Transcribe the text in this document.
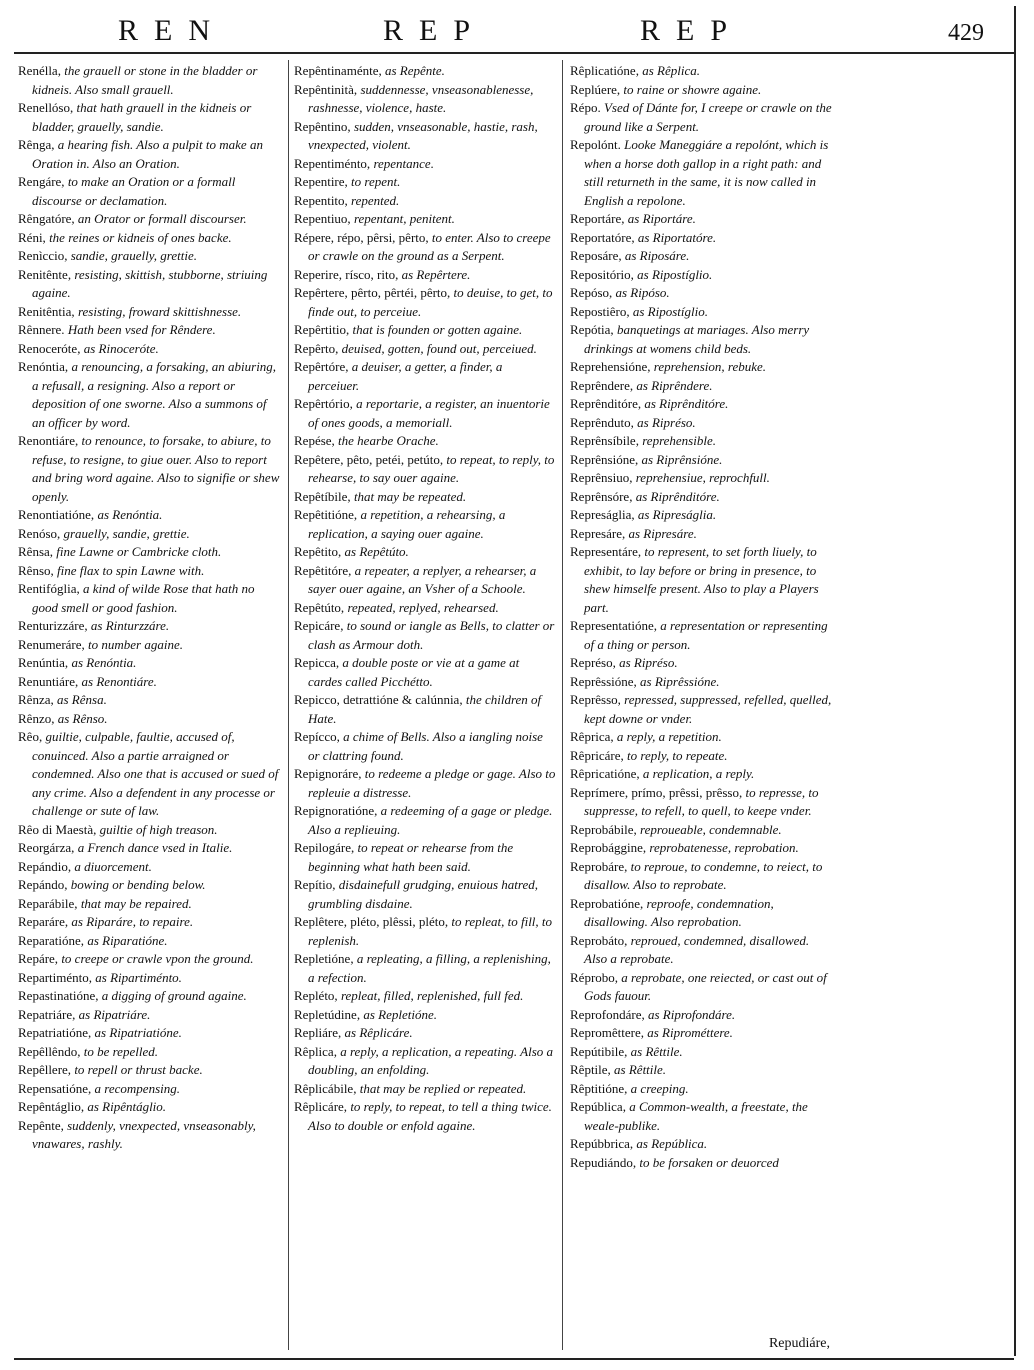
REN	REP	REP	429

Renélla, the grauell or stone in the bladder or kidneis. Also small grauell.

Renellóso, that hath grauell in the kidneis or bladder, grauelly, sandie.

Rênga, a hearing fish. Also a pulpit to make an Oration in. Also an Oration.

Rengáre, to make an Oration or a formall discourse or declamation.

Rêngatóre, an Orator or formall discourser.

Réni, the reines or kidneis of ones backe.

Renìccio, sandie, grauelly, grettie.

Renitênte, resisting, skittish, stubborne, striuing againe.

Renitêntia, resisting, froward skittishnesse.

Rênnere. Hath been vsed for Rêndere.

Renoceróte, as Rinoceróte.

Renóntia, a renouncing, a forsaking, an abiuring, a refusall, a resigning. Also a report or deposition of one sworne. Also a summons of an officer by word.

Renontiáre, to renounce, to forsake, to abiure, to refuse, to resigne, to giue ouer. Also to report and bring word againe. Also to signifie or shew openly.

Renontiatióne, as Renóntia.

Renóso, grauelly, sandie, grettie.

Rênsa, fine Lawne or Cambricke cloth.

Rênso, fine flax to spin Lawne with.

Rentifóglia, a kind of wilde Rose that hath no good smell or good fashion.

Renturizzáre, as Rinturzzáre.

Renumeráre, to number againe.

Renúntia, as Renóntia.

Renuntiáre, as Renontiáre.

Rênza, as Rênsa.

Rênzo, as Rênso.

Rêo, guiltie, culpable, faultie, accused of, conuinced. Also a partie arraigned or condemned. Also one that is accused or sued of any crime. Also a defendent in any processe or challenge or sute of law.

Rêo di Maestà, guiltie of high treason.

Reorgárza, a French dance vsed in Italie.

Repándio, a diuorcement.

Repándo, bowing or bending below.

Reparábile, that may be repaired.

Reparáre, as Riparáre, to repaire.

Reparatióne, as Riparatióne.

Repáre, to creepe or crawle vpon the ground.

Repartiménto, as Ripartiménto.

Repastinatióne, a digging of ground againe.

Repatriáre, as Ripatriáre.

Repatriatióne, as Ripatriatióne.

Repêllêndo, to be repelled.

Repêllere, to repell or thrust backe.

Repensatióne, a recompensing.

Repêntáglio, as Ripêntáglio.

Repênte, suddenly, vnexpected, vnseasonably, vnawares, rashly.

Repêntinaménte, as Repênte.

Repêntinità, suddennesse, vnseasonablenesse, rashnesse, violence, haste.

Repêntino, sudden, vnseasonable, hastie, rash, vnexpected, violent.

Repentiménto, repentance.

Repentire, to repent.

Repentito, repented.

Repentiuo, repentant, penitent.

Répere, répo, pêrsi, pêrto, to enter. Also to creepe or crawle on the ground as a Serpent.

Reperire, rísco, rito, as Repêrtere.

Repêrtere, pêrto, pêrtéi, pêrto, to deuise, to get, to finde out, to perceiue.

Repêrtitio, that is founden or gotten againe.

Repêrto, deuised, gotten, found out, perceiued.

Repêrtóre, a deuiser, a getter, a finder, a perceiuer.

Repêrtório, a reportarie, a register, an inuentorie of ones goods, a memoriall.

Repése, the hearbe Orache.

Repêtere, pêto, petéi, petúto, to repeat, to reply, to rehearse, to say ouer againe.

Repêtíbile, that may be repeated.

Repêtitióne, a repetition, a rehearsing, a replication, a saying ouer againe.

Repêtito, as Repêtúto.

Repêtitóre, a repeater, a replyer, a rehearser, a sayer ouer againe, an Vsher of a Schoole.

Repêtúto, repeated, replyed, rehearsed.

Repicáre, to sound or iangle as Bells, to clatter or clash as Armour doth.

Repicca, a double poste or vie at a game at cardes called Picchétto.

Repicco, detrattióne & calúnnia, the children of Hate.

Repícco, a chime of Bells. Also a iangling noise or clattring found.

Repignoráre, to redeeme a pledge or gage. Also to repleuie a distresse.

Repignoratióne, a redeeming of a gage or pledge. Also a replieuing.

Repilogáre, to repeat or rehearse from the beginning what hath been said.

Repítio, disdainefull grudging, enuious hatred, grumbling disdaine.

Replêtere, pléto, plêssi, pléto, to repleat, to fill, to replenish.

Repletióne, a repleating, a filling, a replenishing, a refection.

Repléto, repleat, filled, replenished, full fed.

Repletúdine, as Repletióne.

Repliáre, as Rêplicáre.

Rêplica, a reply, a replication, a repeating. Also a doubling, an enfolding.

Rêplicábile, that may be replied or repeated.

Rêplicáre, to reply, to repeat, to tell a thing twice. Also to double or enfold againe.

Rêplicatióne, as Rêplica.

Replúere, to raine or showre againe.

Répo. Vsed of Dánte for, I creepe or crawle on the ground like a Serpent.

Repolónt. Looke Maneggiáre a repolónt, which is when a horse doth gallop in a right path: and still returneth in the same, it is now called in English a repolone.

Reportáre, as Riportáre.

Reportatóre, as Riportatóre.

Reposáre, as Riposáre.

Repositório, as Ripostíglio.

Repóso, as Ripóso.

Repostiêro, as Ripostíglio.

Repótia, banquetings at mariages. Also merry drinkings at womens child beds.

Reprehensióne, reprehension, rebuke.

Reprêndere, as Riprêndere.

Reprênditóre, as Riprênditóre.

Reprênduto, as Ripréso.

Reprênsíbile, reprehensible.

Reprênsióne, as Riprênsióne.

Reprênsiuo, reprehensiue, reprochfull.

Reprênsóre, as Riprênditóre.

Represáglia, as Ripreságlia.

Represáre, as Ripresáre.

Representáre, to represent, to set forth liuely, to exhibit, to lay before or bring in presence, to shew himselfe present. Also to play a Players part.

Representatióne, a representation or representing of a thing or person.

Représo, as Ripréso.

Reprêssióne, as Riprêssióne.

Reprêsso, repressed, suppressed, refelled, quelled, kept downe or vnder.

Rêprica, a reply, a repetition.

Rêpricáre, to reply, to repeate.

Rêpricatióne, a replication, a reply.

Reprímere, prímo, prêssi, prêsso, to represse, to suppresse, to refell, to quell, to keepe vnder.

Reprobábile, reproueable, condemnable.

Reprobággine, reprobatenesse, reprobation.

Reprobáre, to reproue, to condemne, to reiect, to disallow. Also to reprobate.

Reprobatióne, reproofe, condemnation, disallowing. Also reprobation.

Reprobáto, reproued, condemned, disallowed. Also a reprobate.

Réprobo, a reprobate, one reiected, or cast out of Gods fauour.

Reprofondáre, as Riprofondáre.

Repromêttere, as Riprométtere.

Repútibile, as Rêttile.

Rêptile, as Rêttile.

Rêptitióne, a creeping.

República, a Common-wealth, a freestate, the weale-publike.

Repúbbrica, as República.

Repudiándo, to be forsaken or deuorced

Repudiáre,
